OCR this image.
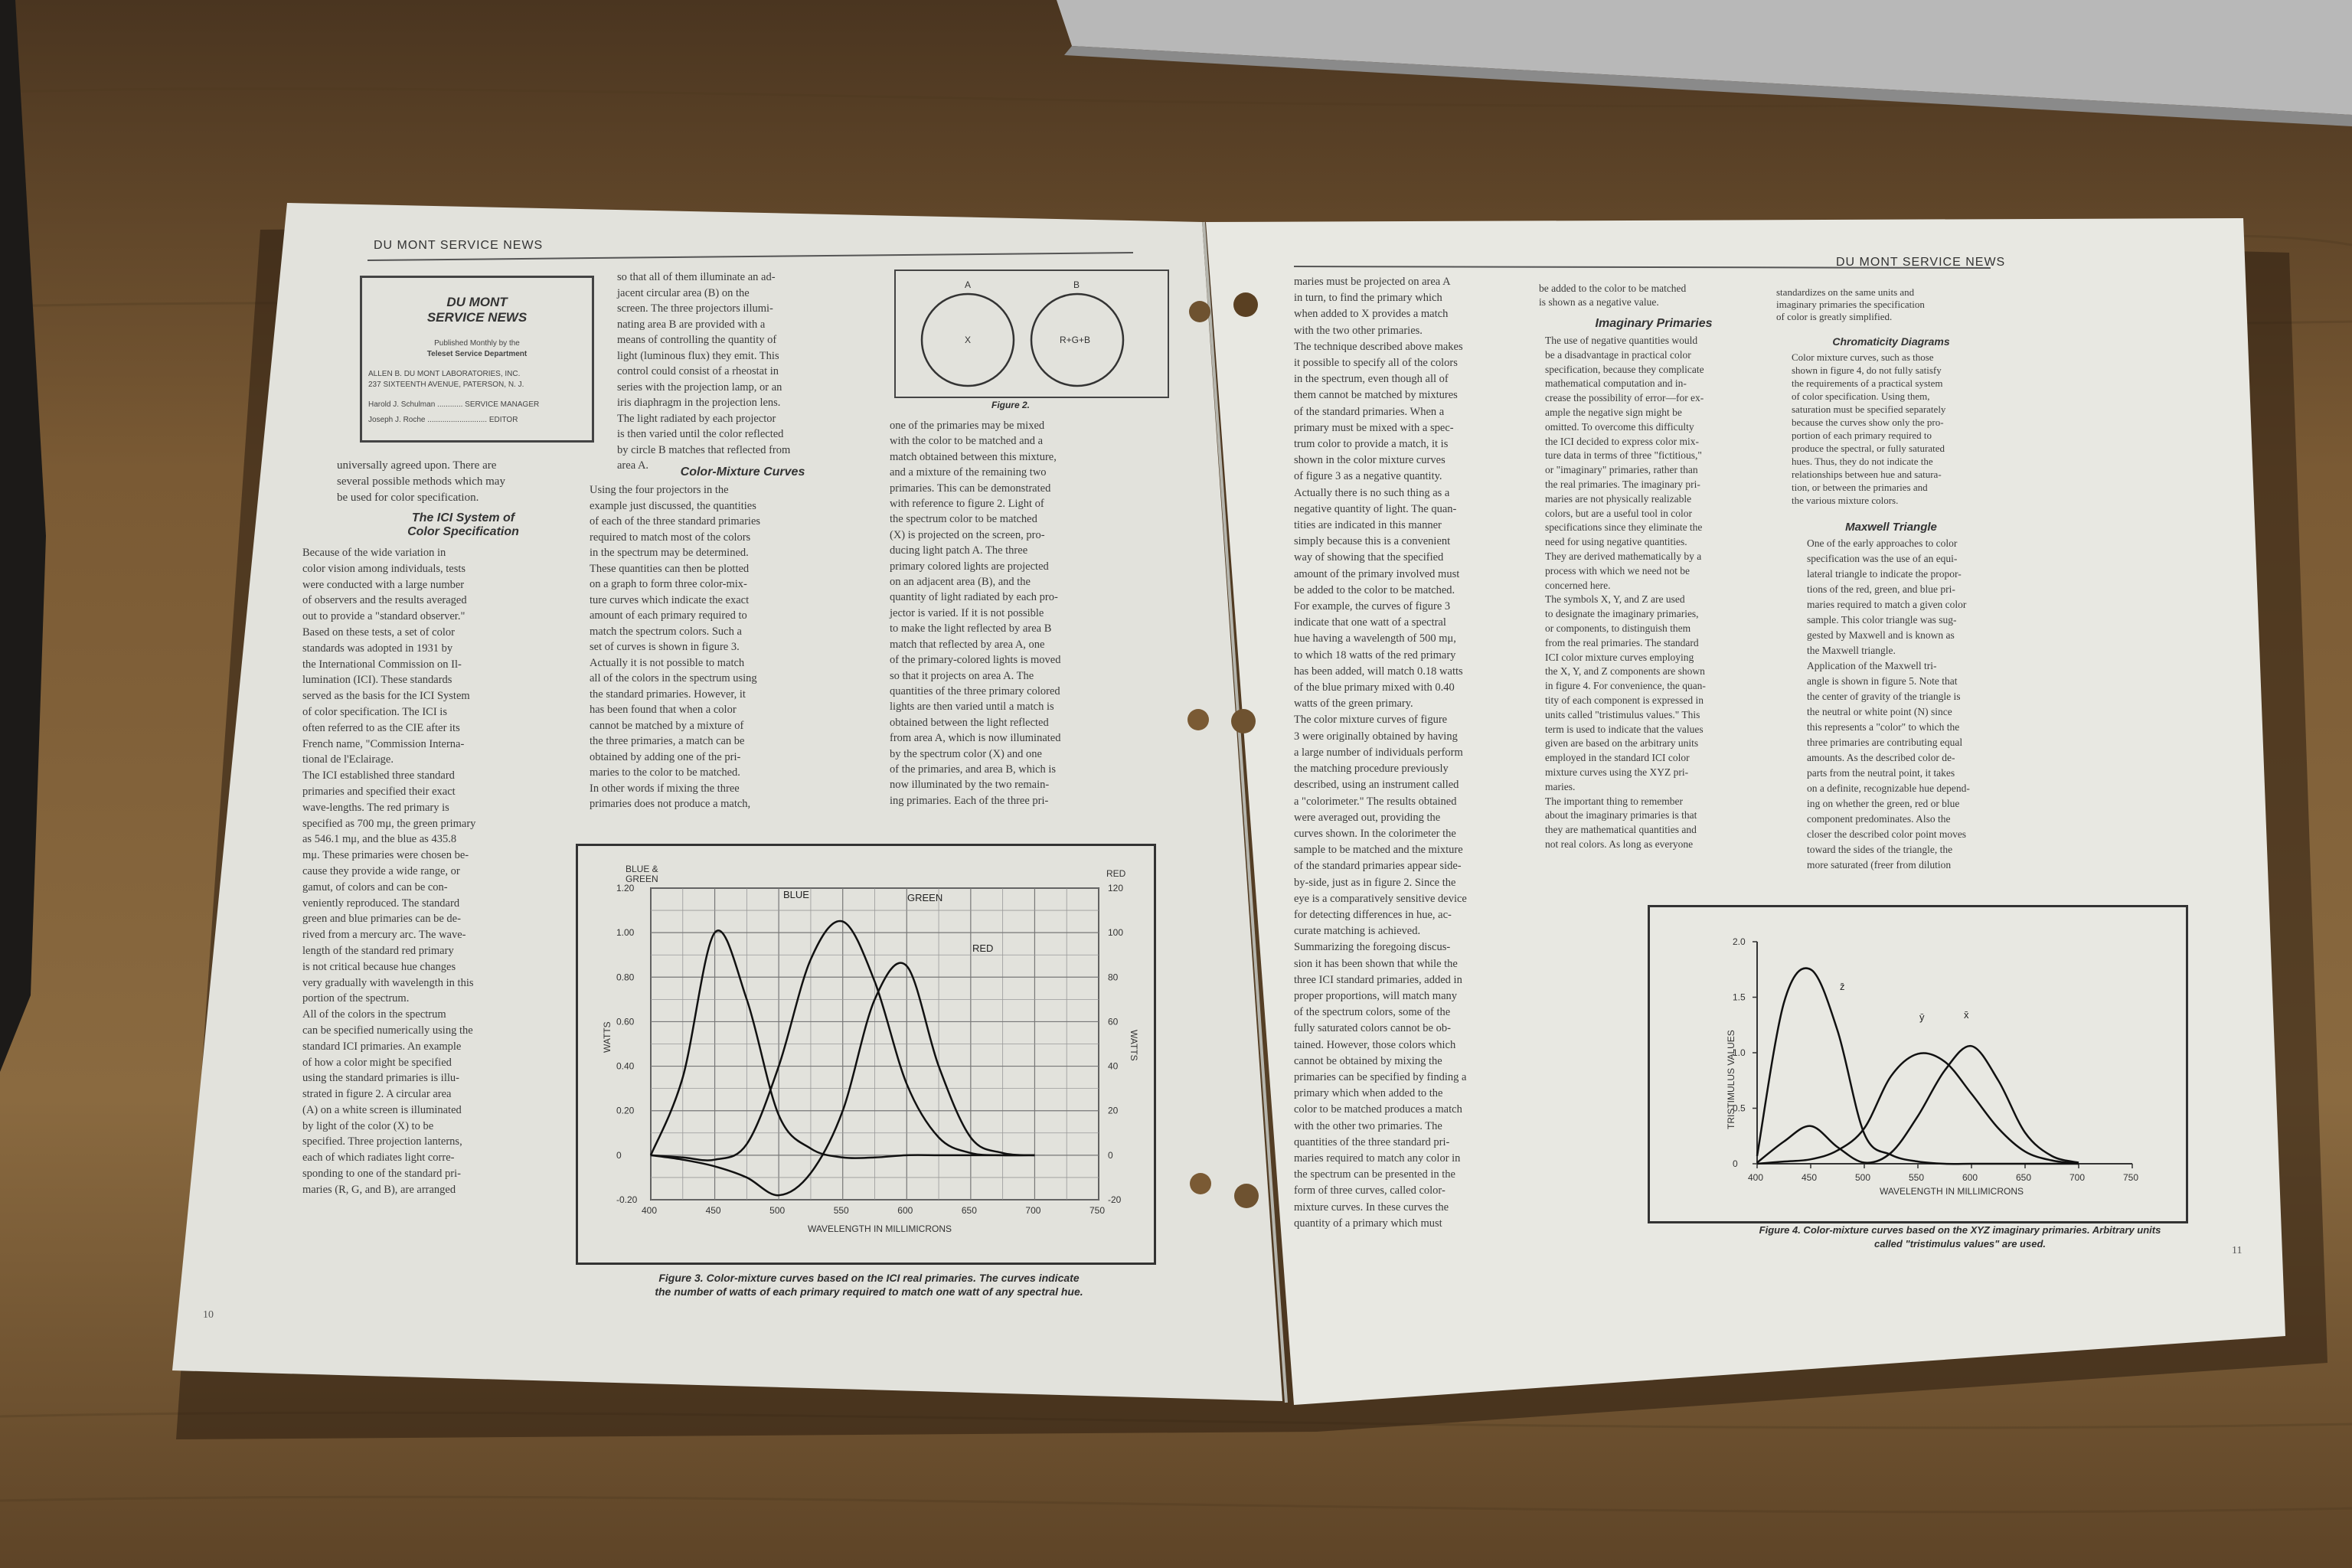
DU MONT SERVICE NEWS
DU MONT SERVICE NEWS
DU MONT
SERVICE NEWS
Published Monthly by the
Teleset Service Department
ALLEN B. DU MONT LABORATORIES, INC.
237 SIXTEENTH AVENUE, PATERSON, N. J.
Harold J. Schulman ............ SERVICE MANAGER
Joseph J. Roche ............................ EDITOR
universally agreed upon. There are
several possible methods which may
be used for color specification.
The ICI System of
Color Specification
Because of the wide variation in
color vision among individuals, tests
were conducted with a large number
of observers and the results averaged
out to provide a "standard observer."
Based on these tests, a set of color
standards was adopted in 1931 by
the International Commission on Il-
lumination (ICI). These standards
served as the basis for the ICI System
of color specification. The ICI is
often referred to as the CIE after its
French name, "Commission Interna-
tional de l'Eclairage.
The ICI established three standard
primaries and specified their exact
wave-lengths. The red primary is
specified as 700 mμ, the green primary
as 546.1 mμ, and the blue as 435.8
mμ. These primaries were chosen be-
cause they provide a wide range, or
gamut, of colors and can be con-
veniently reproduced. The standard
green and blue primaries can be de-
rived from a mercury arc. The wave-
length of the standard red primary
is not critical because hue changes
very gradually with wavelength in this
portion of the spectrum.
All of the colors in the spectrum
can be specified numerically using the
standard ICI primaries. An example
of how a color might be specified
using the standard primaries is illu-
strated in figure 2. A circular area
(A) on a white screen is illuminated
by light of the color (X) to be
specified. Three projection lanterns,
each of which radiates light corre-
sponding to one of the standard pri-
maries (R, G, and B), are arranged
so that all of them illuminate an ad-
jacent circular area (B) on the
screen. The three projectors illumi-
nating area B are provided with a
means of controlling the quantity of
light (luminous flux) they emit. This
control could consist of a rheostat in
series with the projection lamp, or an
iris diaphragm in the projection lens.
The light radiated by each projector
is then varied until the color reflected
by circle B matches that reflected from
area A.	Color-Mixture Curves
Using the four projectors in the
example just discussed, the quantities
of each of the three standard primaries
required to match most of the colors
in the spectrum may be determined.
These quantities can then be plotted
on a graph to form three color-mix-
ture curves which indicate the exact
amount of each primary required to
match the spectrum colors. Such a
set of curves is shown in figure 3.
Actually it is not possible to match
all of the colors in the spectrum using
the standard primaries. However, it
has been found that when a color
cannot be matched by a mixture of
the three primaries, a match can be
obtained by adding one of the pri-
maries to the color to be matched.
In other words if mixing the three
primaries does not produce a match,
A	B
X	R+G+B
Figure 2.
one of the primaries may be mixed
with the color to be matched and a
match obtained between this mixture,
and a mixture of the remaining two
primaries. This can be demonstrated
with reference to figure 2. Light of
the spectrum color to be matched
(X) is projected on the screen, pro-
ducing light patch A. The three
primary colored lights are projected
on an adjacent area (B), and the
quantity of light radiated by each pro-
jector is varied. If it is not possible
to make the light reflected by area B
match that reflected by area A, one
of the primary-colored lights is moved
so that it projects on area A. The
quantities of the three primary colored
lights are then varied until a match is
obtained between the light reflected
from area A, which is now illuminated
by the spectrum color (X) and one
of the primaries, and area B, which is
now illuminated by the two remain-
ing primaries. Each of the three pri-
400	450	500	550	600	650	700	750
-0.20
0
0.20
0.40
0.60
0.80
1.00
1.20
-20
0
20
40
60
80
100
120
BLUE &
GREEN	RED
WATTS	WATTS
WAVELENGTH IN MILLIMICRONS
BLUE	GREEN
RED
Figure 3. Color-mixture curves based on the ICI real primaries. The curves indicate
the number of watts of each primary required to match one watt of any spectral hue.
10
maries must be projected on area A
in turn, to find the primary which
when added to X provides a match
with the two other primaries.
The technique described above makes
it possible to specify all of the colors
in the spectrum, even though all of
them cannot be matched by mixtures
of the standard primaries. When a
primary must be mixed with a spec-
trum color to provide a match, it is
shown in the color mixture curves
of figure 3 as a negative quantity.
Actually there is no such thing as a
negative quantity of light. The quan-
tities are indicated in this manner
simply because this is a convenient
way of showing that the specified
amount of the primary involved must
be added to the color to be matched.
For example, the curves of figure 3
indicate that one watt of a spectral
hue having a wavelength of 500 mμ,
to which 18 watts of the red primary
has been added, will match 0.18 watts
of the blue primary mixed with 0.40
watts of the green primary.
The color mixture curves of figure
3 were originally obtained by having
a large number of individuals perform
the matching procedure previously
described, using an instrument called
a "colorimeter." The results obtained
were averaged out, providing the
curves shown. In the colorimeter the
sample to be matched and the mixture
of the standard primaries appear side-
by-side, just as in figure 2. Since the
eye is a comparatively sensitive device
for detecting differences in hue, ac-
curate matching is achieved.
Summarizing the foregoing discus-
sion it has been shown that while the
three ICI standard primaries, added in
proper proportions, will match many
of the spectrum colors, some of the
fully saturated colors cannot be ob-
tained. However, those colors which
cannot be obtained by mixing the
primaries can be specified by finding a
primary which when added to the
color to be matched produces a match
with the other two primaries. The
quantities of the three standard pri-
maries required to match any color in
the spectrum can be presented in the
form of three curves, called color-
mixture curves. In these curves the
quantity of a primary which must
be added to the color to be matched
is shown as a negative value.
Imaginary Primaries
The use of negative quantities would
be a disadvantage in practical color
specification, because they complicate
mathematical computation and in-
crease the possibility of error—for ex-
ample the negative sign might be
omitted. To overcome this difficulty
the ICI decided to express color mix-
ture data in terms of three "fictitious,"
or "imaginary" primaries, rather than
the real primaries. The imaginary pri-
maries are not physically realizable
colors, but are a useful tool in color
specifications since they eliminate the
need for using negative quantities.
They are derived mathematically by a
process with which we need not be
concerned here.
The symbols X, Y, and Z are used
to designate the imaginary primaries,
or components, to distinguish them
from the real primaries. The standard
ICI color mixture curves employing
the X, Y, and Z components are shown
in figure 4. For convenience, the quan-
tity of each component is expressed in
units called "tristimulus values." This
term is used to indicate that the values
given are based on the arbitrary units
employed in the standard ICI color
mixture curves using the XYZ pri-
maries.
The important thing to remember
about the imaginary primaries is that
they are mathematical quantities and
not real colors. As long as everyone
standardizes on the same units and
imaginary primaries the specification
of color is greatly simplified.
Chromaticity Diagrams
Color mixture curves, such as those
shown in figure 4, do not fully satisfy
the requirements of a practical system
of color specification. Using them,
saturation must be specified separately
because the curves show only the pro-
portion of each primary required to
produce the spectral, or fully saturated
hues. Thus, they do not indicate the
relationships between hue and satura-
tion, or between the primaries and
the various mixture colors.
Maxwell Triangle
One of the early approaches to color
specification was the use of an equi-
lateral triangle to indicate the propor-
tions of the red, green, and blue pri-
maries required to match a given color
sample. This color triangle was sug-
gested by Maxwell and is known as
the Maxwell triangle.
Application of the Maxwell tri-
angle is shown in figure 5. Note that
the center of gravity of the triangle is
the neutral or white point (N) since
this represents a "color" to which the
three primaries are contributing equal
amounts. As the described color de-
parts from the neutral point, it takes
on a definite, recognizable hue depend-
ing on whether the green, red or blue
component predominates. Also the
closer the described color point moves
toward the sides of the triangle, the
more saturated (freer from dilution
400	450	500	550	600	650	700	750
0
0.5
1.0
1.5
2.0
TRISTIMULUS VALUES
WAVELENGTH IN MILLIMICRONS
z̄
ȳ	x̄
Figure 4. Color-mixture curves based on the XYZ imaginary primaries. Arbitrary units
called "tristimulus values" are used.
11
